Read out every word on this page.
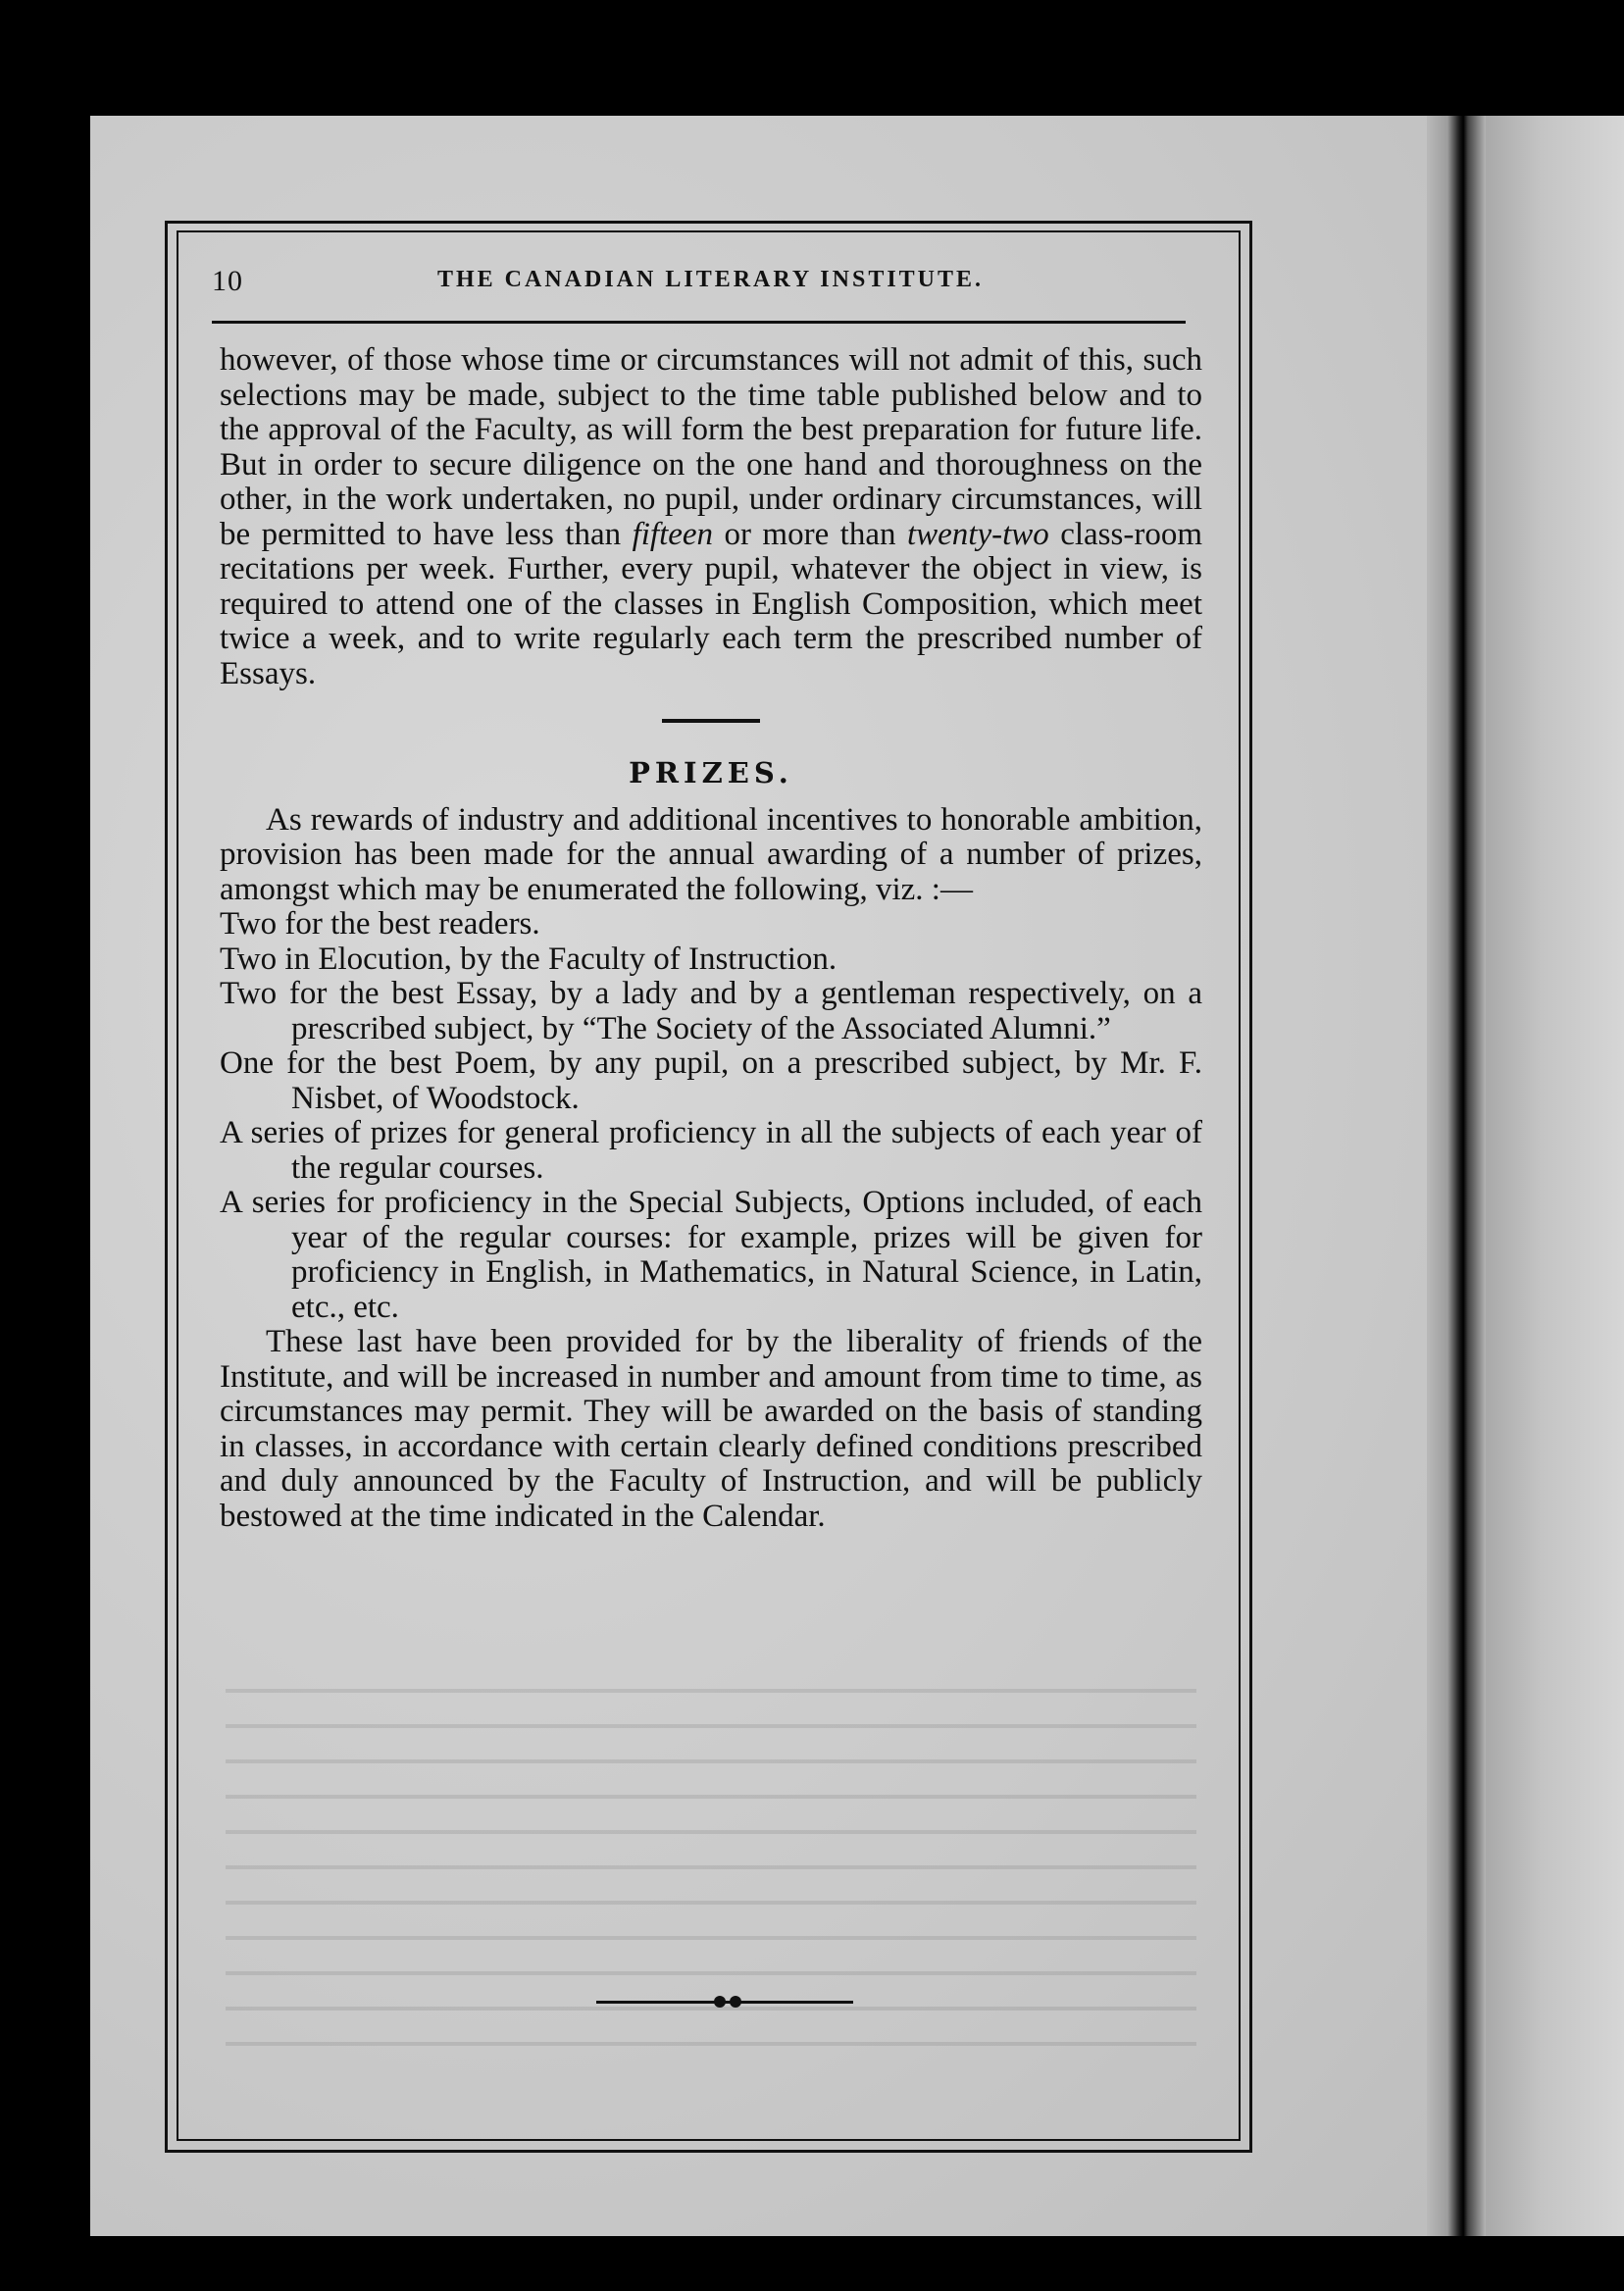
10	THE CANADIAN LITERARY INSTITUTE.

however, of those whose time or circumstances will not admit of this, such selections may be made, subject to the time table published below and to the approval of the Faculty, as will form the best preparation for future life. But in order to secure diligence on the one hand and thoroughness on the other, in the work undertaken, no pupil, under ordinary circumstances, will be permitted to have less than fifteen or more than twenty-two class-room recitations per week. Further, every pupil, whatever the object in view, is required to attend one of the classes in English Composition, which meet twice a week, and to write regularly each term the prescribed number of Essays.

PRIZES.

As rewards of industry and additional incentives to honorable ambition, provision has been made for the annual awarding of a number of prizes, amongst which may be enumerated the following, viz. :—

Two for the best readers.

Two in Elocution, by the Faculty of Instruction.

Two for the best Essay, by a lady and by a gentleman respectively, on a prescribed subject, by “The Society of the Associated Alumni.”

One for the best Poem, by any pupil, on a prescribed subject, by Mr. F. Nisbet, of Woodstock.

A series of prizes for general proficiency in all the subjects of each year of the regular courses.

A series for proficiency in the Special Subjects, Options included, of each year of the regular courses: for example, prizes will be given for proficiency in English, in Mathematics, in Natural Science, in Latin, etc., etc.

These last have been provided for by the liberality of friends of the Institute, and will be increased in number and amount from time to time, as circumstances may permit. They will be awarded on the basis of standing in classes, in accordance with certain clearly defined conditions prescribed and duly announced by the Faculty of Instruction, and will be publicly bestowed at the time indicated in the Calendar.
